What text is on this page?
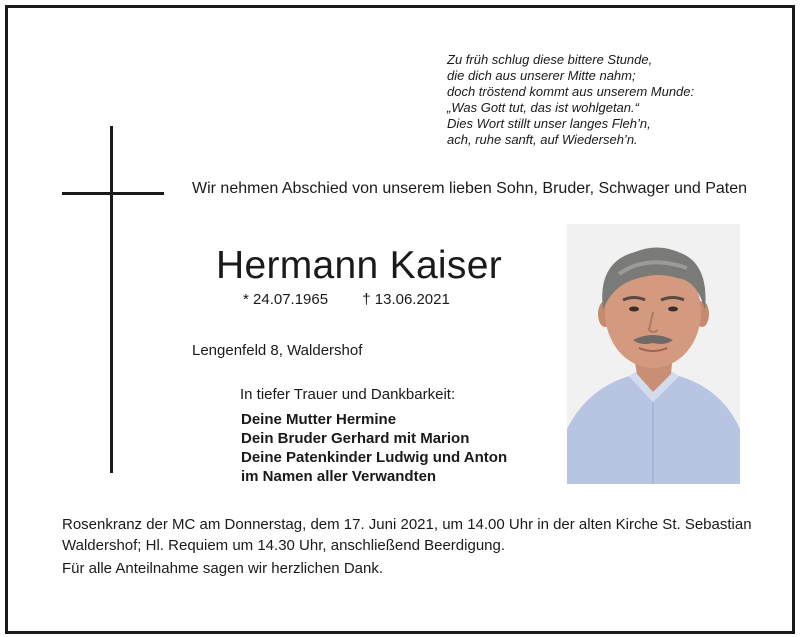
Zu früh schlug diese bittere Stunde,
die dich aus unserer Mitte nahm;
doch tröstend kommt aus unserem Munde:
„Was Gott tut, das ist wohlgetan.“
Dies Wort stillt unser langes Fleh’n,
ach, ruhe sanft, auf Wiederseh’n.
Wir nehmen Abschied von unserem lieben Sohn, Bruder, Schwager und Paten
Hermann Kaiser
* 24.07.1965 † 13.06.2021
Lengenfeld 8, Waldershof
In tiefer Trauer und Dankbarkeit:
Deine Mutter Hermine
Dein Bruder Gerhard mit Marion
Deine Patenkinder Ludwig und Anton
im Namen aller Verwandten
Rosenkranz der MC am Donnerstag, dem 17. Juni 2021, um 14.00 Uhr in der alten Kirche St. Sebastian Waldershof; Hl. Requiem um 14.30 Uhr, anschließend Beerdigung.
Für alle Anteilnahme sagen wir herzlichen Dank.
